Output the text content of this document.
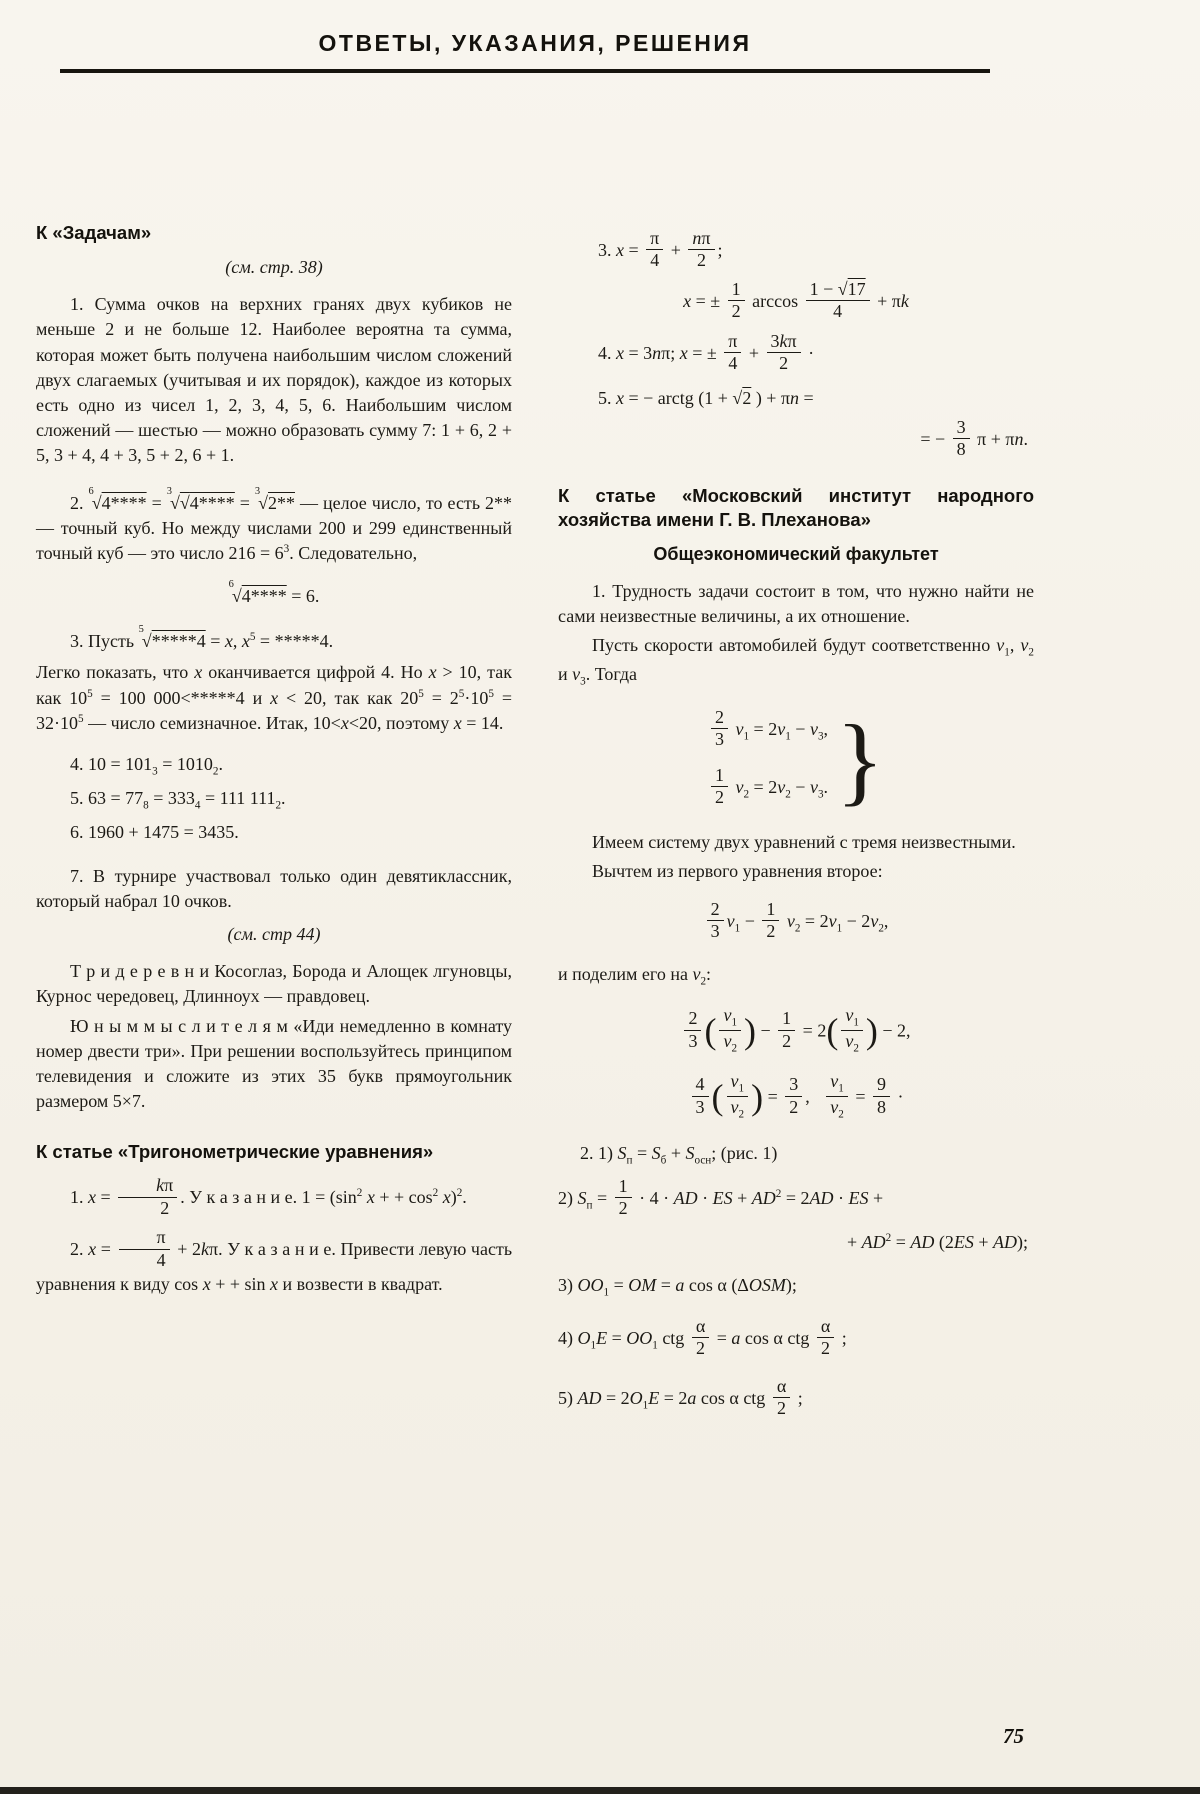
ОТВЕТЫ, УКАЗАНИЯ, РЕШЕНИЯ
К «Задачам»
(см. стр. 38)

1. Сумма очков на верхних гранях двух кубиков не меньше 2 и не больше 12. Наиболее вероятна та сумма, которая может быть получена наибольшим числом сложений двух слагаемых (учитывая и их порядок), каждое из которых есть одно из чисел 1, 2, 3, 4, 5, 6. Наибольшим числом сложений — шестью — можно образовать сумму 7: 1 + 6, 2 + 5, 3 + 4, 4 + 3, 5 + 2, 6 + 1.

2. $^6$√4**** = $^3$√√4**** = $^3$√2** — целое число, то есть 2** — точный куб. Но между числами 200 и 299 единственный точный куб — это число $216 = 6^3$. Следовательно,

$^6$√4**** = 6.

3. Пусть $^5$√*****4 = x, $x^5 = *****4$.

Легко показать, что x оканчивается цифрой 4. Но x > 10, так как $10^5 = 100$ 000<*****4 и x < 20, так как $20^5 = 2^5\cdot 10^5 = 32\cdot 10^5$ — число семизначное. Итак, 10<x<20, поэтому x = 14.

4. $10 = 101_3 = 1010_2$.

5. $63 = 77_8 = 333_4 = 111$ $111_2$.

6. 1960 + 1475 = 3435.

7. В турнире участвовал только один девятиклассник, который набрал 10 очков.

(см. стр 44)

Т р и д е р е в н и Косоглаз, Борода и Алощек лгуновцы, Курнос чередовец, Длинноух — правдовец.

Ю н ы м м ы с л и т е л я м «Иди немедленно в комнату номер двести три». При решении воспользуйтесь принципом телевидения и сложите из этих 35 букв прямоугольник размером 5×7.

К статье «Тригонометрические уравнения»

1. $x = \frac{k\pi}{2}$ . У к а з а н и е. $1 = (\sin^2$ x + + $\cos^2 x)^2$.

2. $x = \frac{\pi}{4} + 2k\pi$. У к а з а н и е. Привести левую часть уравнения к виду cos x + + sin x и возвести в квадрат.

3. $x = \frac{\pi}{4} + \frac{n\pi}{2}$ ;
x = ± $\frac{1}{2}$ $\arccos \frac{1 - √17}{4} + \pi k$
4. x = 3nπ; x = ± $\frac{\pi}{4} + \frac{3k\pi}{2}$ ·
5. x = − arctg (1 + √2 ) + πn =
= − $\frac{3}{8}$ π + πn.
К статье «Московский институт народного хозяйства имени Г. В. Плеханова»
Общеэкономический факультет

1. Трудность задачи состоит в том, что нужно найти не сами неизвестные величины, а их отношение.

Пусть скорости автомобилей будут соответственно $v_1$, $v_2$ и $v_3$. Тогда

$\frac{2}{3} v_1 = 2v_1 - v_3$,
$\frac{1}{2} v_2 = 2v_2 - v_3$. }

Имеем систему двух уравнений с тремя неизвестными.

Вычтем из первого уравнения второе:

$\frac{2}{3} v_1 - \frac{1}{2} v_2 = 2v_1 - 2v_2$,

и поделим его на $v_2$:

$\frac{2}{3}$ ( $\frac{v_1}{v_2}$ ) − $\frac{1}{2} = 2( \frac{v_1}{v_2}$ ) − 2,
$\frac{4}{3}$ ( $\frac{v_1}{v_2}$ ) = $\frac{3}{2}$ , $\frac{v_1}{v_2} = \frac{9}{8}$ ·

2. 1) $S_п = S_б + S_{осн}$; (рис. 1)

2) $S_п = \frac{1}{2} \cdot 4$ · AD · ES + $AD^2 = 2AD$ · ES +
+ $AD^2$ = AD (2ES + AD);

3) $OO_1$ = OM = a cos α (ΔOSM);

4) $O_1E = OO_1$ ctg $\frac{\alpha}{2} = a$ cos α ctg $\frac{\alpha}{2}$ ;

5) AD = $2O_1E = 2a$ cos α ctg $\frac{\alpha}{2}$ ;

75
